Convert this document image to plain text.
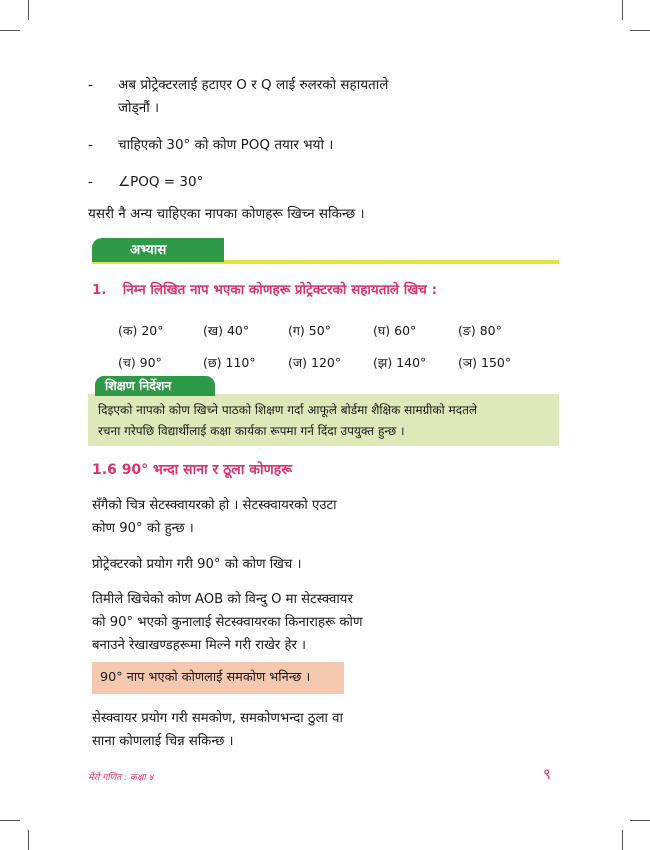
- अब प्रोट्रेक्टरलाई हटाएर O र Q लाई रुलरको सहायताले जोड्नौं ।
- चाहिएको 30° को कोण POQ तयार भयो ।
- ∠POQ = 30°
यसरी नै अन्य चाहिएका नापका कोणहरू खिच्न सकिन्छ ।
अभ्यास
1. निम्न लिखित नाप भएका कोणहरू प्रोट्रेक्टरको सहायताले खिच :
(क) 20°	(ख) 40°	(ग) 50°	(घ) 60°	(ङ) 80°
(च) 90°	(छ) 110°	(ज) 120°	(झ) 140°	(ञ) 150°
दिइएको नापको कोण खिच्ने पाठको शिक्षण गर्दा आफूले बोर्डमा शैक्षिक सामग्रीको मदतले
रचना गरेपछि विद्यार्थीलाई कक्षा कार्यका रूपमा गर्न दिंदा उपयुक्त हुन्छ ।
शिक्षण निर्देशन
1.6 90° भन्दा साना र ठूला कोणहरू
सँगैको चित्र सेटस्क्वायरको हो । सेटस्क्वायरको एउटा
कोण 90° को हुन्छ ।
प्रोट्रेक्टरको प्रयोग गरी 90° को कोण खिच ।
तिमीले खिचेको कोण AOB को विन्दु O मा सेटस्क्वायर
को 90° भएको कुनालाई सेटस्क्वायरका किनाराहरू कोण
बनाउने रेखाखण्डहरूमा मिल्ने गरी राखेर हेर ।
90° नाप भएको कोणलाई समकोण भनिन्छ ।
सेस्क्वायर प्रयोग गरी समकोण, समकोणभन्दा ठुला वा
साना कोणलाई चिन्न सकिन्छ ।
मेरो गणित : कक्षा ४	९
